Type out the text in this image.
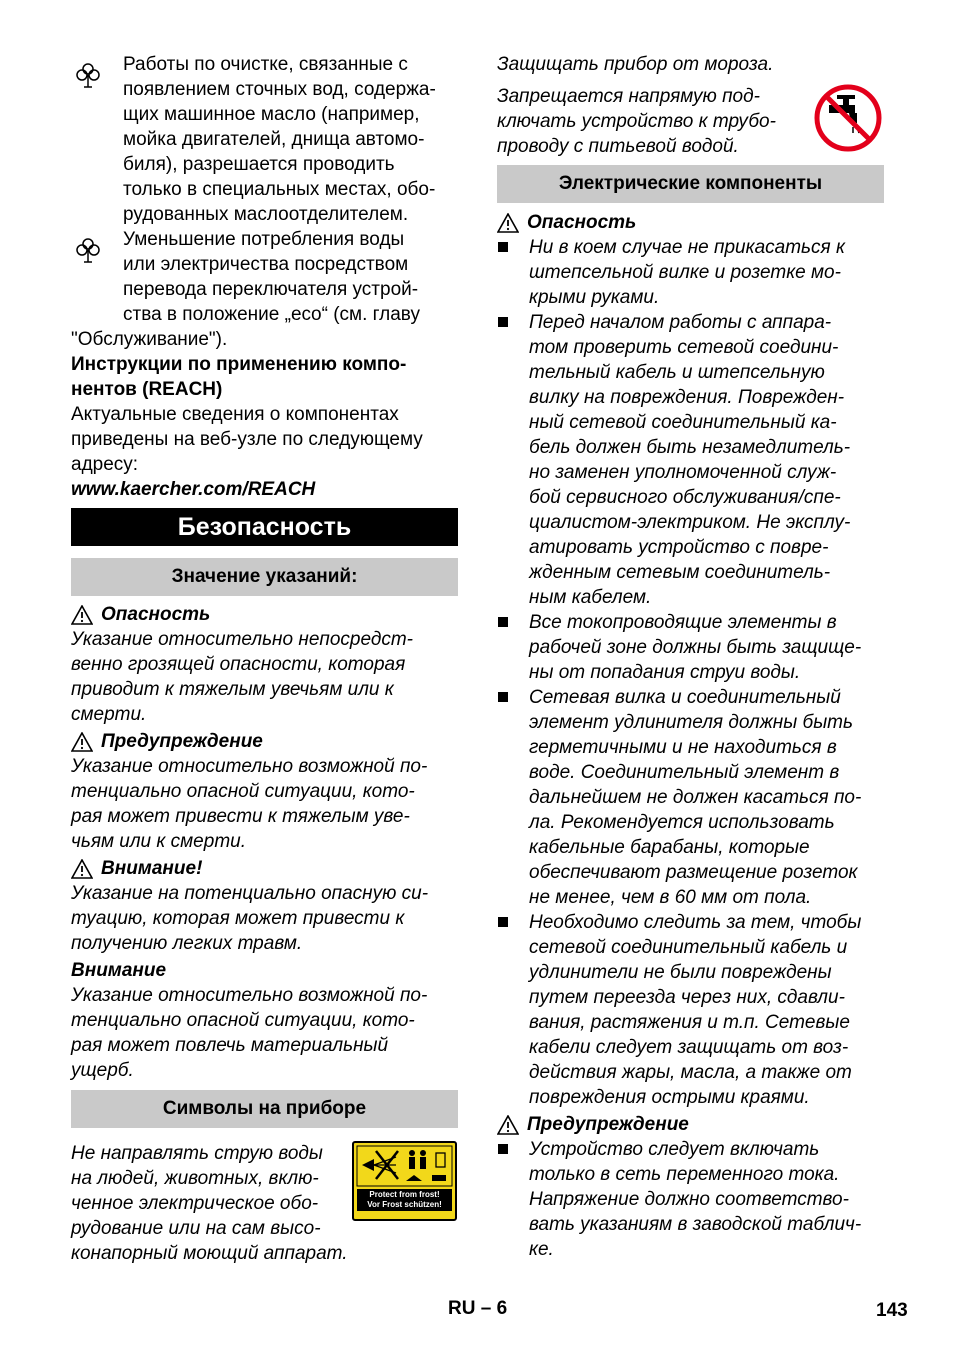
Работы по очистке, связанные с

появлением сточных вод, содержа-

щих машинное масло (например,

мойка двигателей, днища автомо-

биля), разрешается проводить

только в специальных местах, обо-

рудованных маслоотделителем.

Уменьшение потребления воды

или электричества посредством

перевода переключателя устрой-

ства в положение „eco“ (см. главу

"Обслуживание").

Инструкции по применению компо-

нентов (REACH)

Актуальные сведения о компонентах

приведены на веб-узле по следующему

адресу:

www.kaercher.com/REACH

Безопасность
Значение указаний:
Опасность

Указание относительно непосредст-

венно грозящей опасности, которая

приводит к тяжелым увечьям или к

смерти.

Предупреждение

Указание относительно возможной по-

тенциально опасной ситуации, кото-

рая может привести к тяжелым уве-

чьям или к смерти.

Внимание!

Указание на потенциально опасную си-

туацию, которая может привести к

получению легких травм.

Внимание

Указание относительно возможной по-

тенциально опасной ситуации, кото-

рая может повлечь материальный

ущерб.

Символы на приборе

Не направлять струю воды

на людей, животных, вклю-

ченное электрическое обо-

рудование или на сам высо-

конапорный моющий аппарат.

Protect from frost!
Vor Frost schützen!

Защищать прибор от мороза.

Запрещается напрямую под-

ключать устройство к трубо-

проводу с питьевой водой.

Электрические компоненты
Опасность
Ни в коем случае не прикасаться к
штепсельной вилке и розетке мо-
крыми руками.
Перед началом работы с аппара-
том проверить сетевой соедини-
тельный кабель и штепсельную
вилку на повреждения. Поврежден-
ный сетевой соединительный ка-
бель должен быть незамедлитель-
но заменен уполномоченной служ-
бой сервисного обслуживания/спе-
циалистом-электриком. Не эксплу-
атировать устройство с повре-
жденным сетевым соединитель-
ным кабелем.
Все токопроводящие элементы в
рабочей зоне должны быть защище-
ны от попадания струи воды.
Сетевая вилка и соединительный
элемент удлинителя должны быть
герметичными и не находиться в
воде. Соединительный элемент в
дальнейшем не должен касаться по-
ла. Рекомендуется использовать
кабельные барабаны, которые
обеспечивают размещение розеток
не менее, чем в 60 мм от пола.
Необходимо следить за тем, чтобы
сетевой соединительный кабель и
удлинители не были повреждены
путем переезда через них, сдавли-
вания, растяжения и т.п. Сетевые
кабели следует защищать от воз-
действия жары, масла, а также от
повреждения острыми краями.
Предупреждение
Устройство следует включать
только в сеть переменного тока.
Напряжение должно соответство-
вать указаниям в заводской таблич-
ке.
RU – 6	143
